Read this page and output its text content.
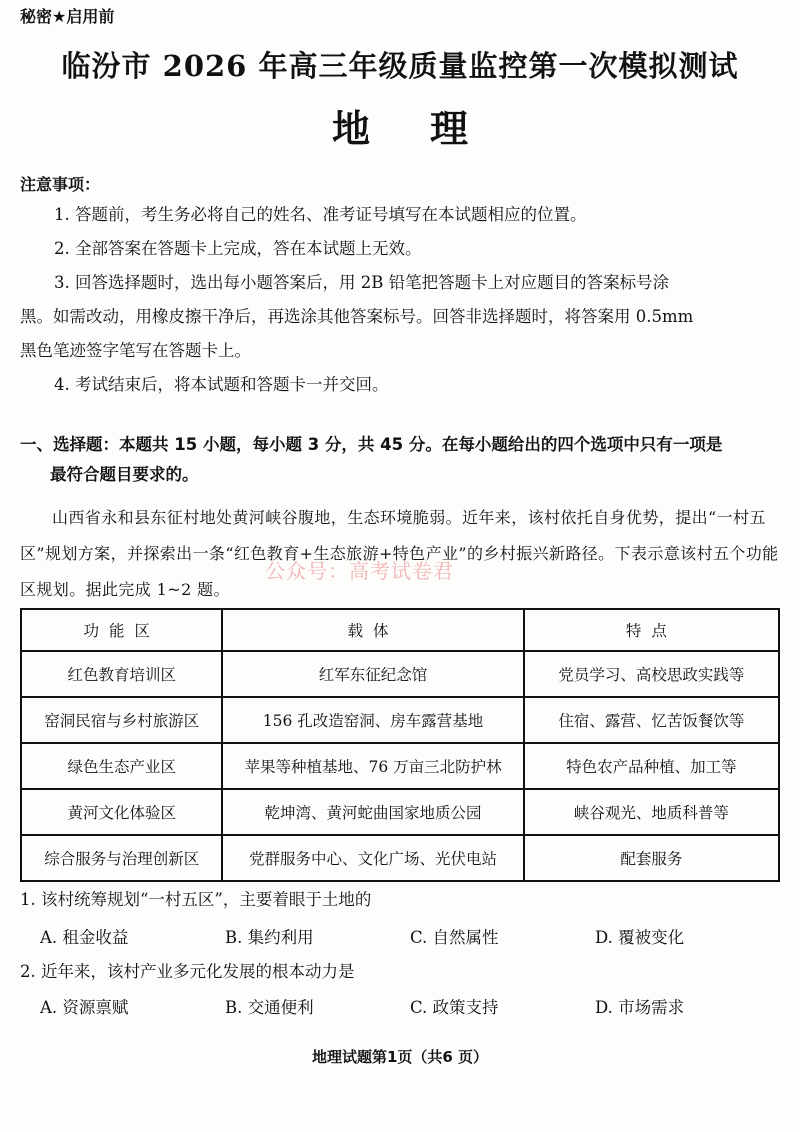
秘密★启用前
临汾市 2026 年高三年级质量监控第一次模拟测试
地理
注意事项：

1. 答题前，考生务必将自己的姓名、准考证号填写在本试题相应的位置。

2. 全部答案在答题卡上完成，答在本试题上无效。

3. 回答选择题时，选出每小题答案后，用 2B 铅笔把答题卡上对应题目的答案标号涂

黑。如需改动，用橡皮擦干净后，再选涂其他答案标号。回答非选择题时，将答案用 0.5mm

黑色笔迹签字笔写在答题卡上。

4. 考试结束后，将本试题和答题卡一并交回。

一、选择题：本题共 15 小题，每小题 3 分，共 45 分。在每小题给出的四个选项中只有一项是
最符合题目要求的。

山西省永和县东征村地处黄河峡谷腹地，生态环境脆弱。近年来，该村依托自身优势，提出“一村五区”规划方案，并探索出一条“红色教育+生态旅游+特色产业”的乡村振兴新路径。下表示意该村五个功能区规划。据此完成 1~2 题。

公众号：高考试卷君
功能区	载体	特点
红色教育培训区	红军东征纪念馆	党员学习、高校思政实践等
窑洞民宿与乡村旅游区	156 孔改造窑洞、房车露营基地	住宿、露营、忆苦饭餐饮等
绿色生态产业区	苹果等种植基地、76 万亩三北防护林	特色农产品种植、加工等
黄河文化体验区	乾坤湾、黄河蛇曲国家地质公园	峡谷观光、地质科普等
综合服务与治理创新区	党群服务中心、文化广场、光伏电站	配套服务
1. 该村统筹规划“一村五区”，主要着眼于土地的
A. 租金收益	B. 集约利用	C. 自然属性	D. 覆被变化
2. 近年来，该村产业多元化发展的根本动力是
A. 资源禀赋	B. 交通便利	C. 政策支持	D. 市场需求
地理试题第1页（共6 页）
